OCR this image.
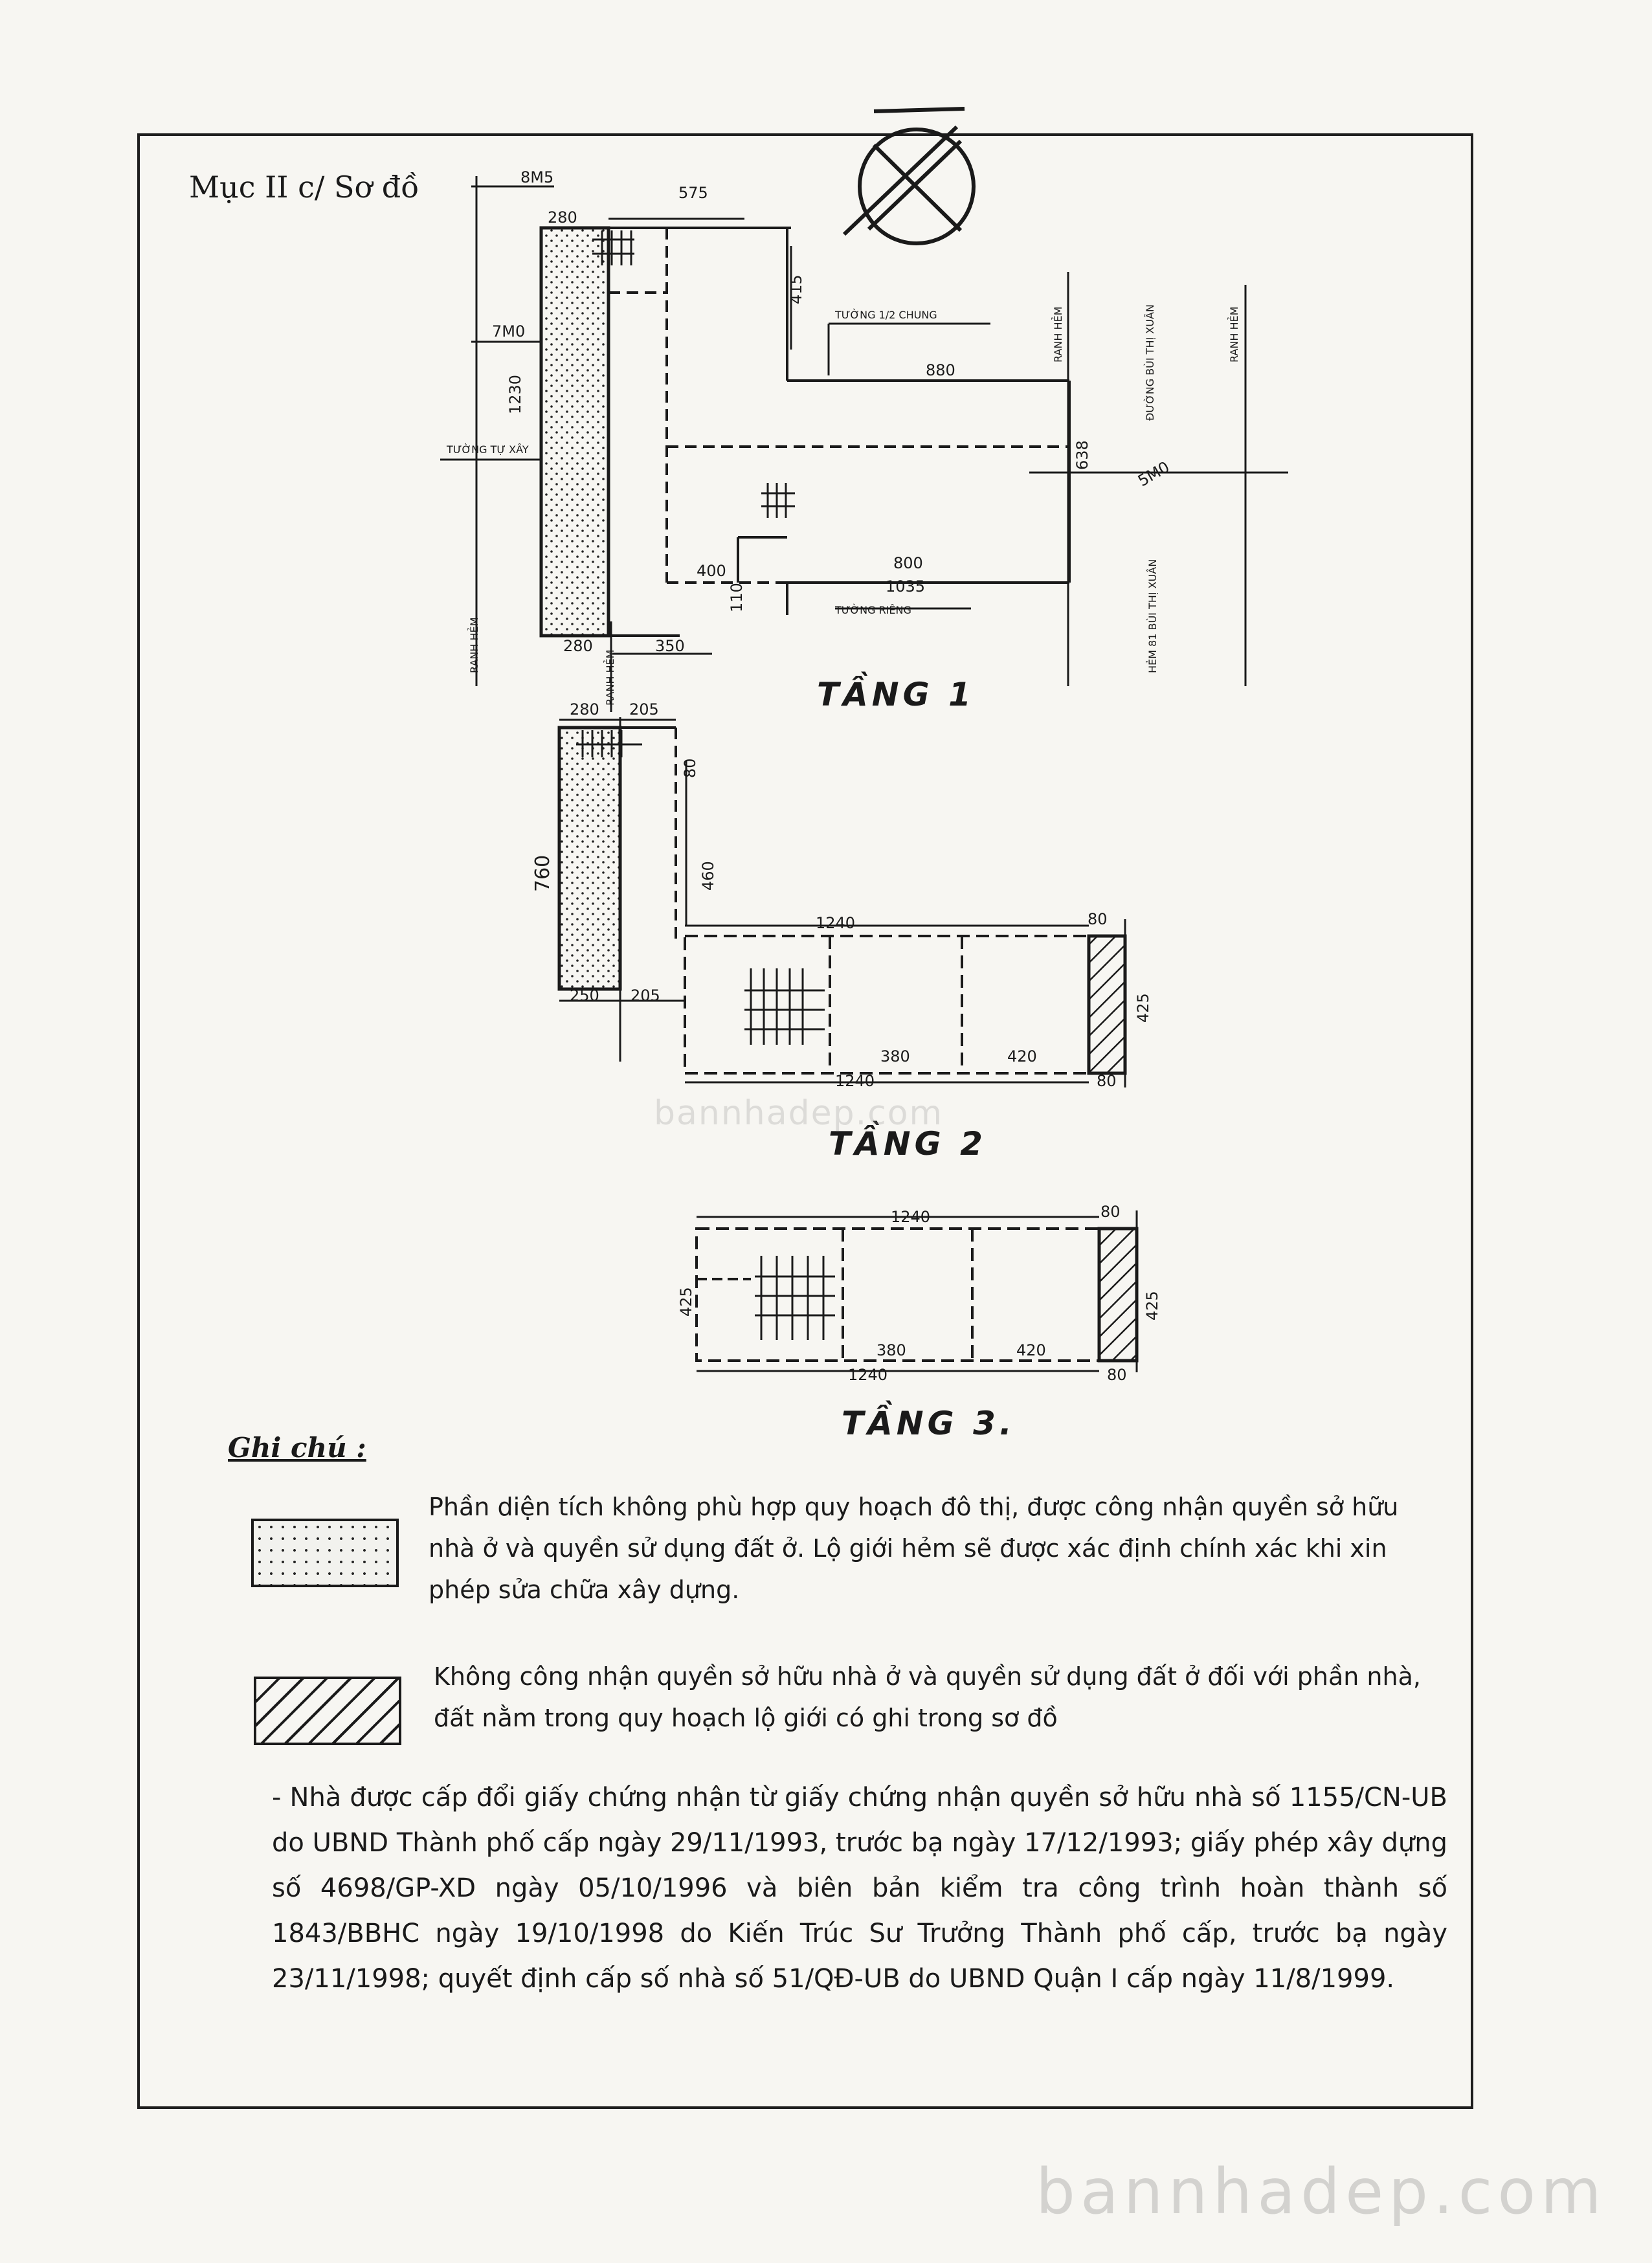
Mục II c/ Sơ đồ	8M5
7M0
575
280
1230
415
880
800
1035
638
400
110
280	350
5M0
TƯỜNG 1/2 CHUNG
TƯỜNG RIÊNG
TƯỜNG TỰ XÂY
RANH HẺM
RANH HẺM	ĐƯỜNG BÙI THỊ XUÂN	RANH HẺM
HẺM 81 BÙI THỊ XUÂN
RANH HẺM	TẦNG 1
280 205
760
80
460
250 205
1240	80
380	420
1240	80
425
TẦNG 2
1240	80
425
380	420
1240	80
425
TẦNG 3.
bannhadep.com
Ghi chú :
Phần diện tích không phù hợp quy hoạch đô thị, được công nhận quyền sở hữu nhà ở và quyền sử dụng đất ở. Lộ giới hẻm sẽ được xác định chính xác khi xin phép sửa chữa xây dựng.
Không công nhận quyền sở hữu nhà ở và quyền sử dụng đất ở đối với phần nhà, đất nằm trong quy hoạch lộ giới có ghi trong sơ đồ
- Nhà được cấp đổi giấy chứng nhận từ giấy chứng nhận quyền sở hữu nhà số 1155/CN-UB do UBND Thành phố cấp ngày 29/11/1993, trước bạ ngày 17/12/1993; giấy phép xây dựng số 4698/GP-XD ngày 05/10/1996 và biên bản kiểm tra công trình hoàn thành số 1843/BBHC ngày 19/10/1998 do Kiến Trúc Sư Trưởng Thành phố cấp, trước bạ ngày 23/11/1998; quyết định cấp số nhà số 51/QĐ-UB do UBND Quận I cấp ngày 11/8/1999.
bannhadep.com
